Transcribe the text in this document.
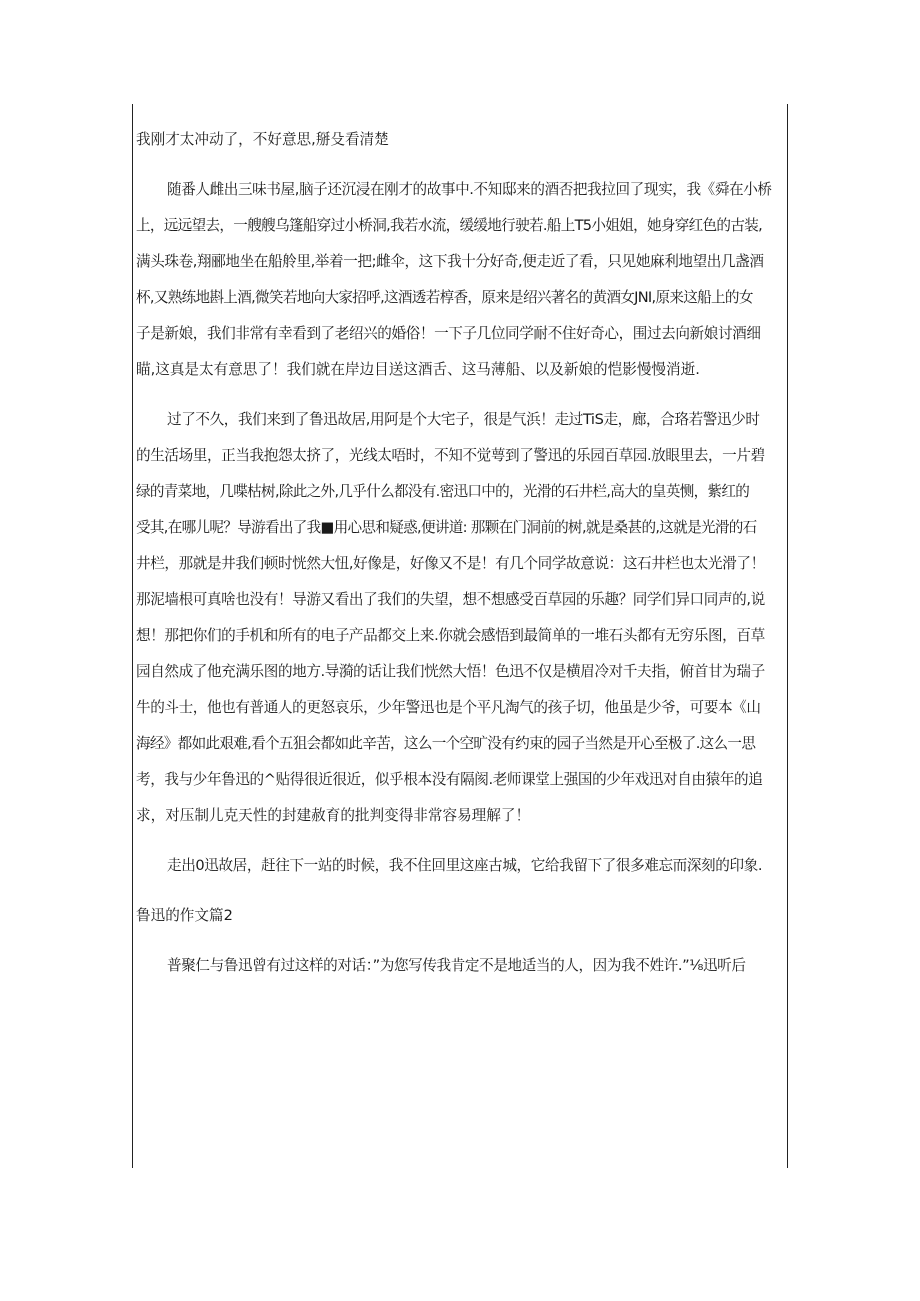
我刚才太冲动了，不好意思,掰殳看清楚
随番人雌出三味书屋,脑子还沉浸在刚才的故事中.不知邸来的酒否把我拉回了现实，我《舜在小桥
上，远远望去，一艘艘乌篷船穿过小桥洞,我若水流，缓缓地行驶若.船上T5小姐姐，她身穿红色的古装,
满头珠卷,翔郦地坐在船舲里,举着一把;雌伞，这下我十分好奇,便走近了看，只见她麻利地望出几盏酒
杯,又熟练地斟上酒,微笑若地向大家招呼,这酒透若椁香，原来是绍兴著名的黄酒女JNI,原来这船上的女
子是新娘，我们非常有幸看到了老绍兴的婚俗！一下子几位同学耐不住好奇心，围过去向新娘讨酒细
瞄,这真是太有意思了！我们就在岸边目送这酒舌、这马薄船、以及新娘的恺影慢慢消逝.
过了不久，我们来到了鲁迅故居,用阿是个大宅子，很是气浜！走过TiS走，廊，合珞若警迅少时
的生活场里，正当我抱怨太挤了，光线太唔时，不知不觉萼到了警迅的乐园百草园.放眼里去，一片碧
绿的青菜地，几喋枯树,除此之外,几乎什么都没有.密迅口中的，光滑的石井栏,高大的皇英恻，紫红的
受其,在哪儿呢？导游看出了我■用心思和疑惑,便讲道: 那颗在门洞前的树,就是桑甚的,这就是光滑的石
井栏，那就是井我们顿时恍然大忸,好像是，好像又不是！有几个同学故意说：这石井栏也太光滑了！
那泥墙根可真啥也没有！导游又看出了我们的失望，想不想感受百草园的乐趣？同学们异口同声的,说
想！那把你们的手机和所有的电子产品都交上来.你就会感悟到最简单的一堆石头都有无穷乐图，百草
园自然成了他充满乐图的地方.导漪的话让我们恍然大悟！色迅不仅是横眉冷对千夫指，俯首甘为瑞子
牛的斗士，他也有普通人的更怒哀乐，少年警迅也是个平凡淘气的孩子切，他虽是少爷，可要本《山
海经》都如此艰难,看个五狙会都如此辛苦，这么一个空旷没有约束的园子当然是开心至极了.这么一思
考，我与少年鲁迅的^贴得很近很近，似乎根本没有隔阂.老师课堂上强国的少年戏迅对自由猿年的追
求，对压制儿克天性的封建赦育的批判变得非常容易理解了！
走出0迅故居，赶往下一站的时候，我不住回里这座古城，它给我留下了很多难忘而深刻的印象.
鲁迅的作文篇2
普聚仁与鲁迅曾有过这样的对话：”为您写传我肯定不是地适当的人，因为我不姓许.”⅛迅听后
